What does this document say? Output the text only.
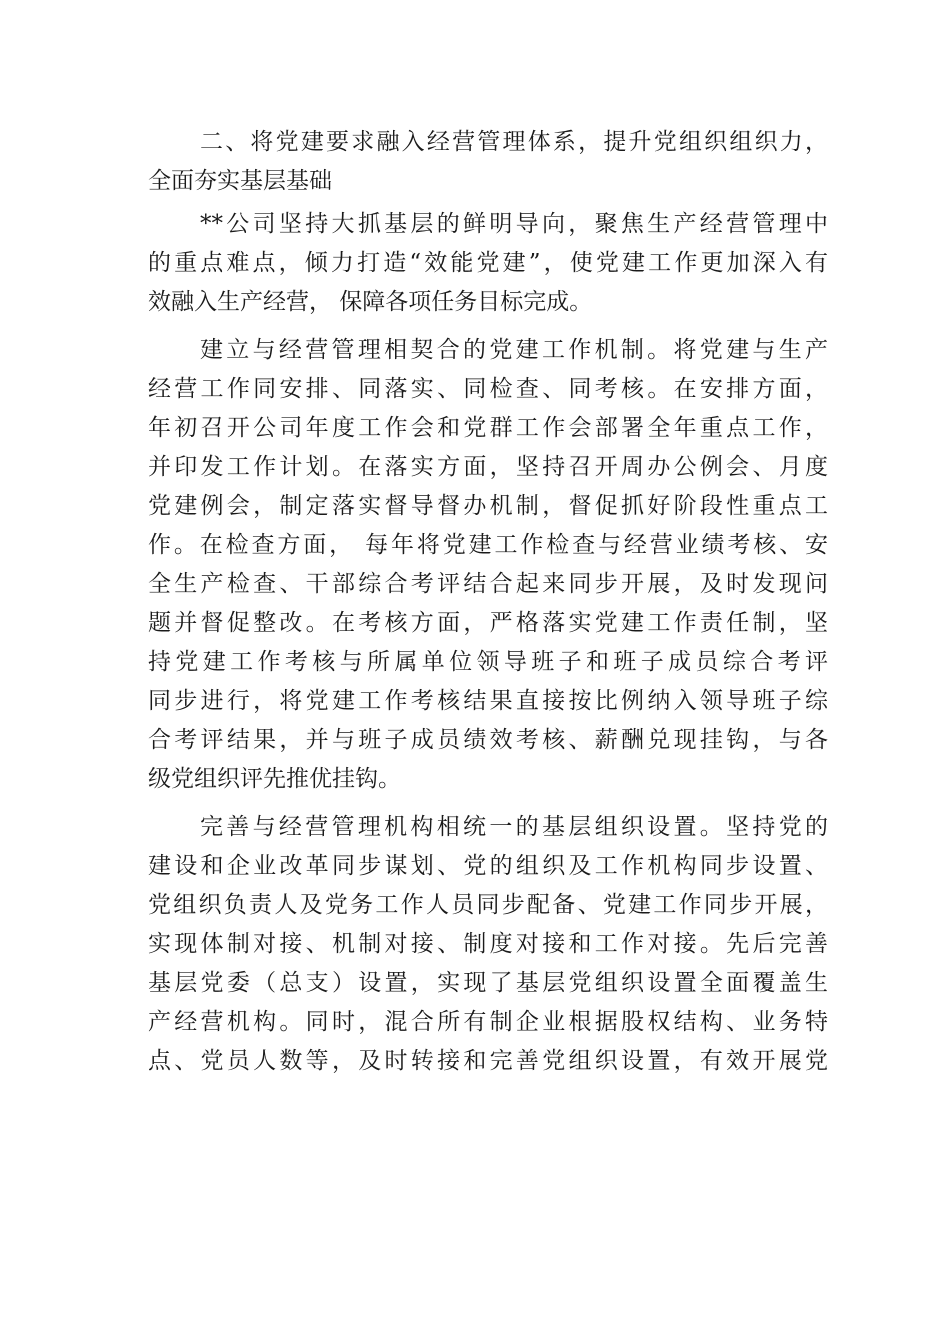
二、将党建要求融入经营管理体系，提升党组织组织力，
全面夯实基层基础
**公司坚持大抓基层的鲜明导向，聚焦生产经营管理中
的重点难点，倾力打造“效能党建”，使党建工作更加深入有
效融入生产经营， 保障各项任务目标完成。
建立与经营管理相契合的党建工作机制。将党建与生产
经营工作同安排、同落实、同检查、同考核。在安排方面，
年初召开公司年度工作会和党群工作会部署全年重点工作，
并印发工作计划。在落实方面，坚持召开周办公例会、月度
党建例会，制定落实督导督办机制，督促抓好阶段性重点工
作。在检查方面， 每年将党建工作检查与经营业绩考核、安
全生产检查、干部综合考评结合起来同步开展，及时发现问
题并督促整改。在考核方面，严格落实党建工作责任制，坚
持党建工作考核与所属单位领导班子和班子成员综合考评
同步进行，将党建工作考核结果直接按比例纳入领导班子综
合考评结果，并与班子成员绩效考核、薪酬兑现挂钩，与各
级党组织评先推优挂钩。
完善与经营管理机构相统一的基层组织设置。坚持党的
建设和企业改革同步谋划、党的组织及工作机构同步设置、
党组织负责人及党务工作人员同步配备、党建工作同步开展，
实现体制对接、机制对接、制度对接和工作对接。先后完善
基层党委（总支）设置，实现了基层党组织设置全面覆盖生
产经营机构。同时，混合所有制企业根据股权结构、业务特
点、党员人数等，及时转接和完善党组织设置，有效开展党
